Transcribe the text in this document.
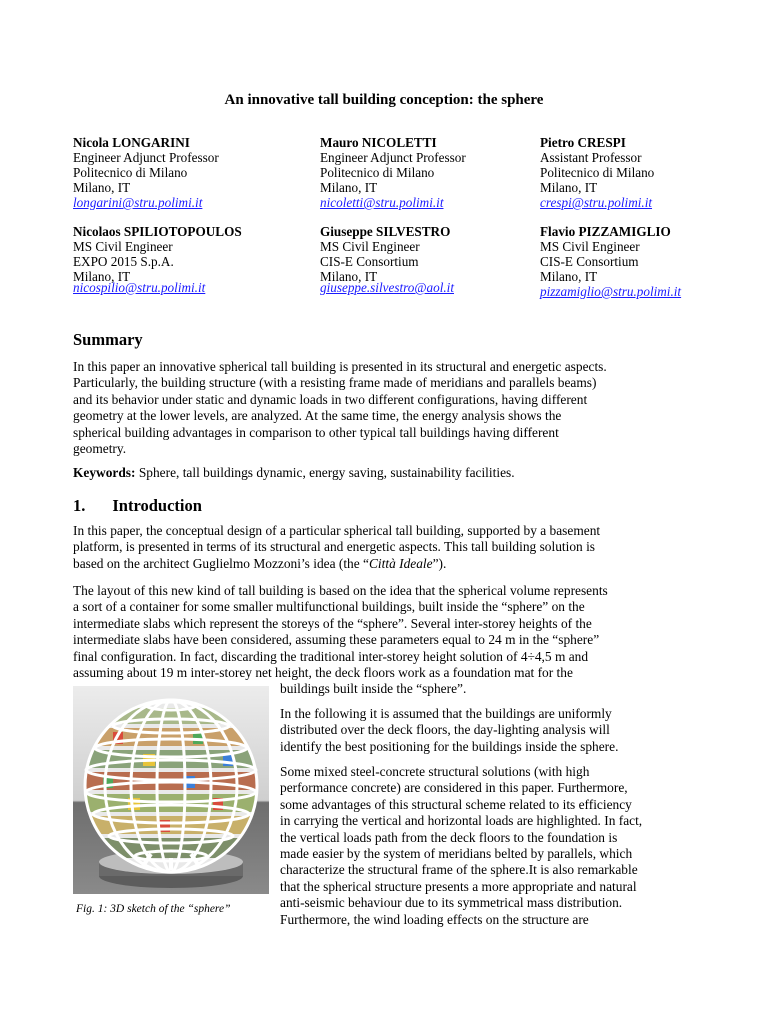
An innovative tall building conception: the sphere
Nicola LONGARINI
Engineer Adjunct Professor
Politecnico di Milano
Milano, IT
longarini@stru.polimi.it
Mauro NICOLETTI
Engineer Adjunct Professor
Politecnico di Milano
Milano, IT
nicoletti@stru.polimi.it
Pietro CRESPI
Assistant Professor
Politecnico di Milano
Milano, IT
crespi@stru.polimi.it
Nicolaos SPILIOTOPOULOS
MS Civil Engineer
EXPO 2015 S.p.A.
Milano, IT
nicospilio@stru.polimi.it
Giuseppe SILVESTRO
MS Civil Engineer
CIS-E Consortium
Milano, IT
giuseppe.silvestro@aol.it
Flavio PIZZAMIGLIO
MS Civil Engineer
CIS-E Consortium
Milano, IT
pizzamiglio@stru.polimi.it
Summary
In this paper an innovative spherical tall building is presented in its structural and energetic aspects.
Particularly, the building structure (with a resisting frame made of meridians and parallels beams)
and its behavior under static and dynamic loads in two different configurations, having different
geometry at the lower levels, are analyzed. At the same time, the energy analysis shows the
spherical building advantages in comparison to other typical tall buildings having different
geometry.
Keywords: Sphere, tall buildings dynamic, energy saving, sustainability facilities.
1. Introduction
In this paper, the conceptual design of a particular spherical tall building, supported by a basement
platform, is presented in terms of its structural and energetic aspects. This tall building solution is
based on the architect Guglielmo Mozzoni’s idea (the “Città Ideale”).
The layout of this new kind of tall building is based on the idea that the spherical volume represents
a sort of a container for some smaller multifunctional buildings, built inside the “sphere” on the
intermediate slabs which represent the storeys of the “sphere”. Several inter-storey heights of the
intermediate slabs have been considered, assuming these parameters equal to 24 m in the “sphere”
final configuration. In fact, discarding the traditional inter-storey height solution of 4÷4,5 m and
assuming about 19 m inter-storey net height, the deck floors work as a foundation mat for the
buildings built inside the “sphere”.
In the following it is assumed that the buildings are uniformly
distributed over the deck floors, the day-lighting analysis will
identify the best positioning for the buildings inside the sphere.
Some mixed steel-concrete structural solutions (with high
performance concrete) are considered in this paper. Furthermore,
some advantages of this structural scheme related to its efficiency
in carrying the vertical and horizontal loads are highlighted. In fact,
the vertical loads path from the deck floors to the foundation is
made easier by the system of meridians belted by parallels, which
characterize the structural frame of the sphere.It is also remarkable
that the spherical structure presents a more appropriate and natural
anti-seismic behaviour due to its symmetrical mass distribution.
Furthermore, the wind loading effects on the structure are
Fig. 1: 3D sketch of the “sphere”
